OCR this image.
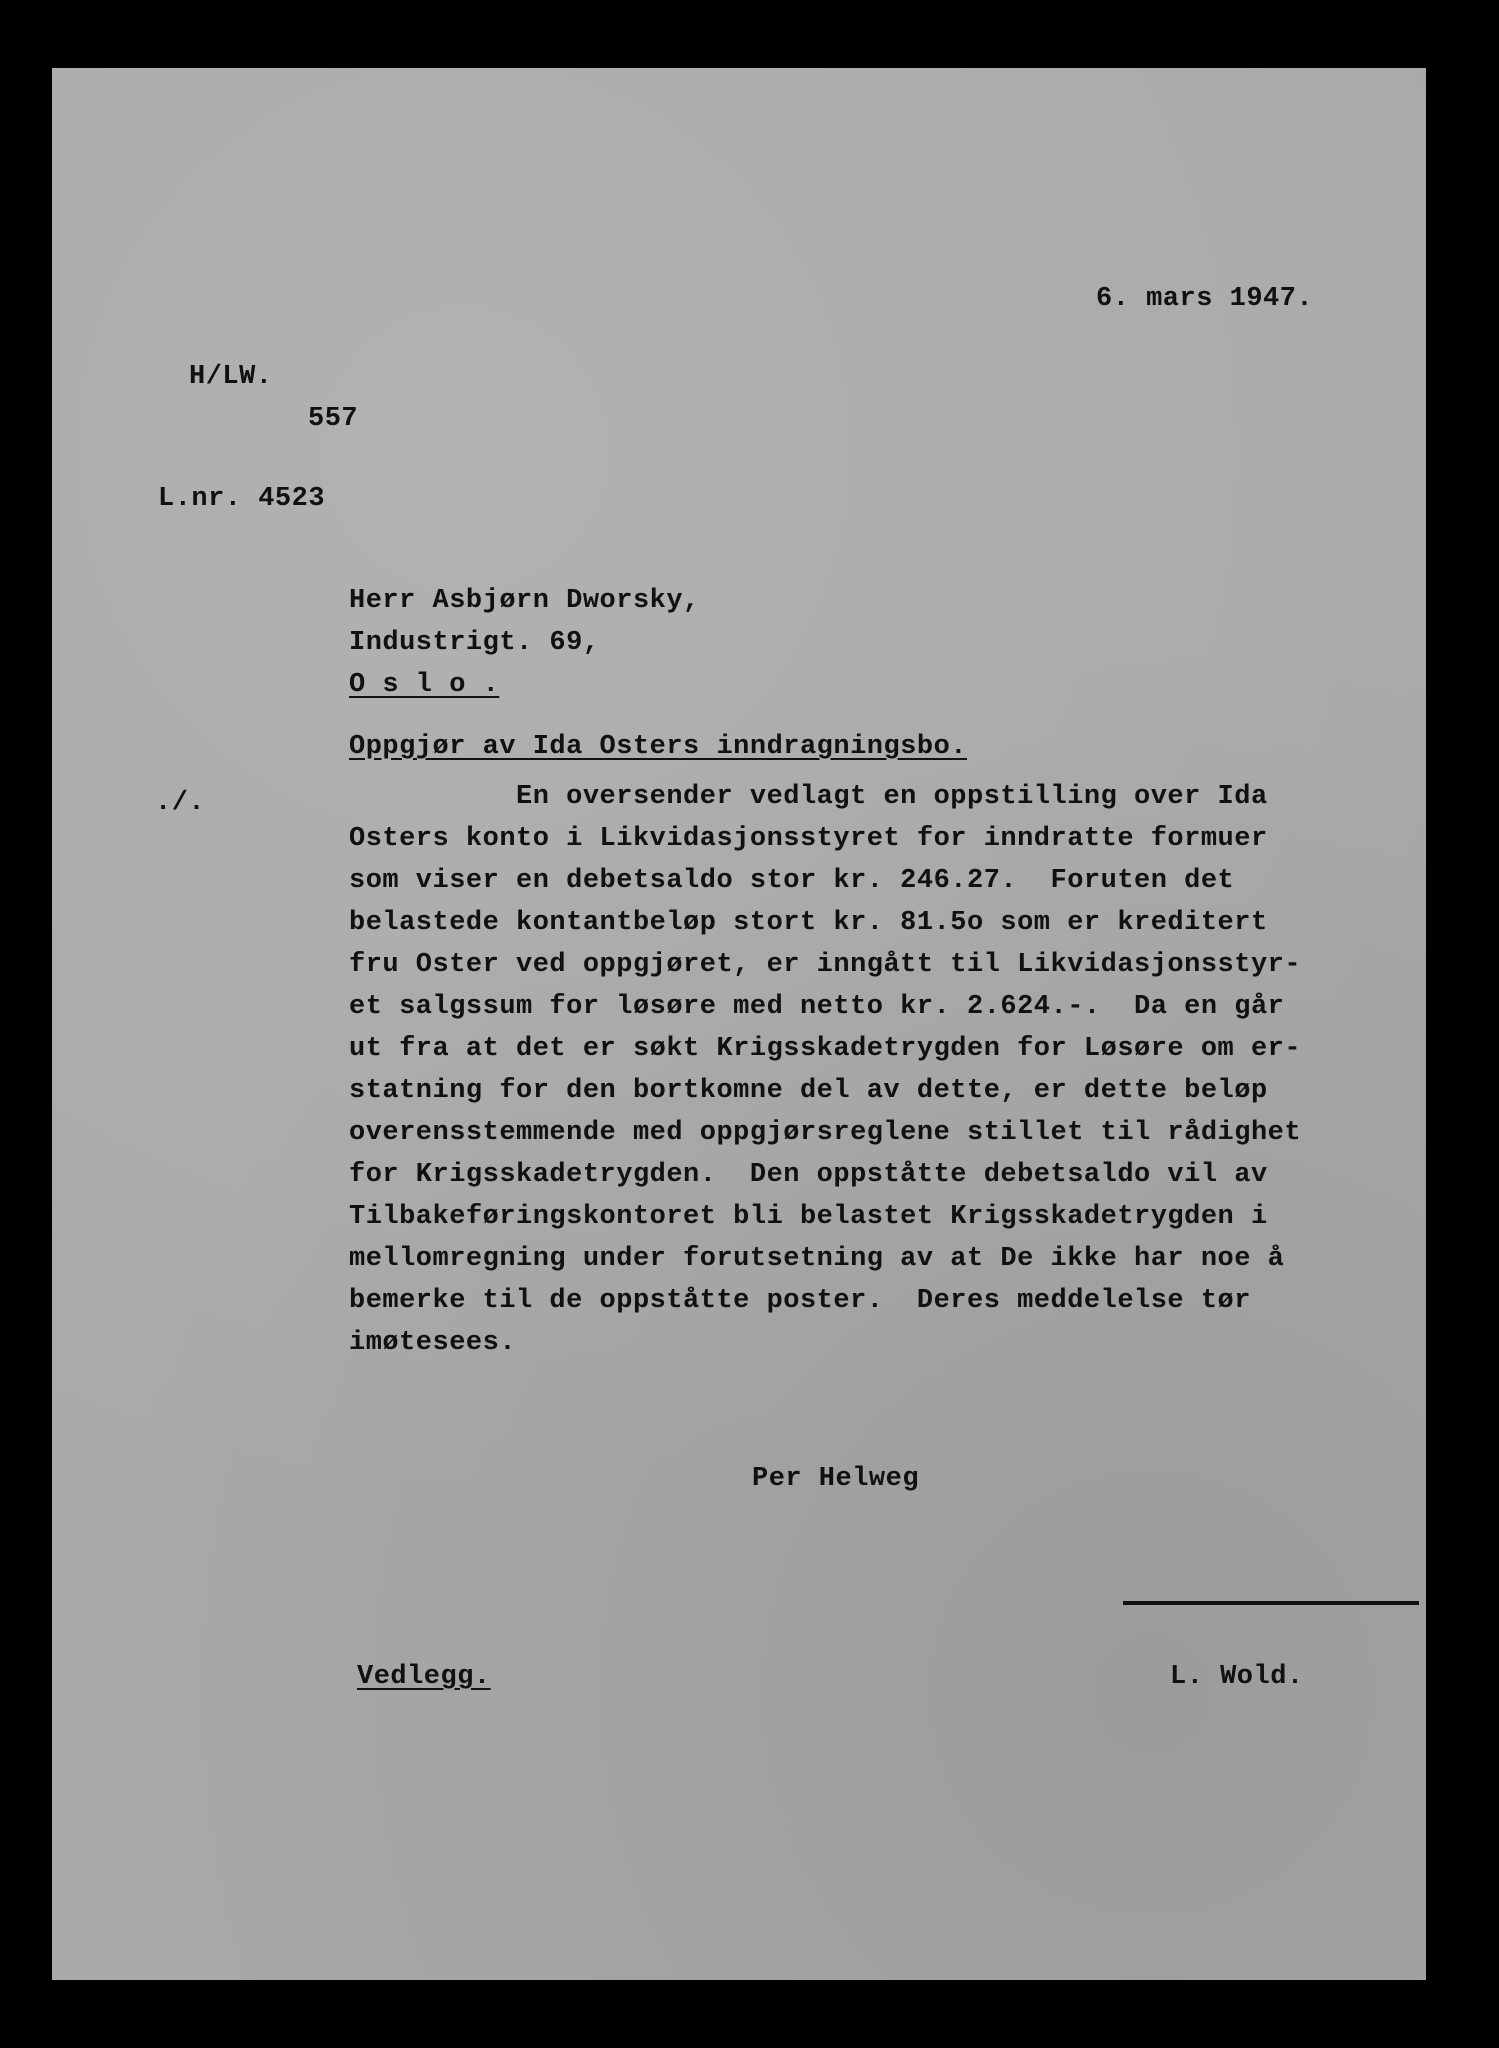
6. mars 1947.
H/LW.
557
L.nr. 4523
Herr Asbjørn Dworsky,
Industrigt. 69,
O s l o .
Oppgjør av Ida Osters inndragningsbo.
./.	En oversender vedlagt en oppstilling over Ida
Osters konto i Likvidasjonsstyret for inndratte formuer
som viser en debetsaldo stor kr. 246.27.  Foruten det
belastede kontantbeløp stort kr. 81.5o som er kreditert
fru Oster ved oppgjøret, er inngått til Likvidasjonsstyr-
et salgssum for løsøre med netto kr. 2.624.-.  Da en går
ut fra at det er søkt Krigsskadetrygden for Løsøre om er-
statning for den bortkomne del av dette, er dette beløp
overensstemmende med oppgjørsreglene stillet til rådighet
for Krigsskadetrygden.  Den oppståtte debetsaldo vil av
Tilbakeføringskontoret bli belastet Krigsskadetrygden i
mellomregning under forutsetning av at De ikke har noe å
bemerke til de oppståtte poster.  Deres meddelelse tør
imøtesees.
Per Helweg
Vedlegg.	L. Wold.
